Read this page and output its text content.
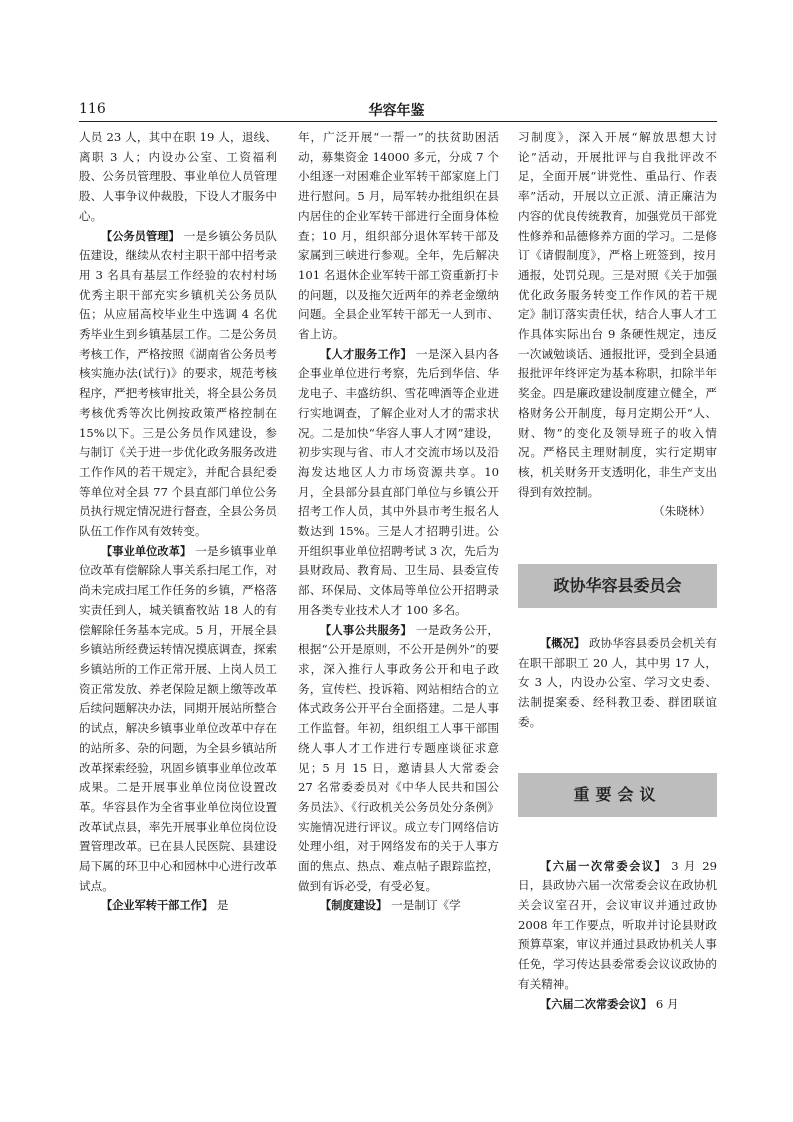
116	华容年鉴

人员 23 人，其中在职 19 人，退线、离职 3 人；内设办公室、工资福利股、公务员管理股、事业单位人员管理股、人事争议仲裁股，下设人才服务中心。

【公务员管理】 一是乡镇公务员队伍建设，继续从农村主职干部中招考录用 3 名具有基层工作经验的农村村场优秀主职干部充实乡镇机关公务员队伍；从应届高校毕业生中选调 4 名优秀毕业生到乡镇基层工作。二是公务员考核工作，严格按照《湖南省公务员考核实施办法(试行)》的要求，规范考核程序，严把考核审批关，将全县公务员考核优秀等次比例按政策严格控制在 15%以下。三是公务员作风建设，参与制订《关于进一步优化政务服务改进工作作风的若干规定》，并配合县纪委等单位对全县 77 个县直部门单位公务员执行规定情况进行督查，全县公务员队伍工作作风有效转变。

【事业单位改革】 一是乡镇事业单位改革有偿解除人事关系扫尾工作，对尚未完成扫尾工作任务的乡镇，严格落实责任到人，城关镇畜牧站 18 人的有偿解除任务基本完成。5 月，开展全县乡镇站所经费运转情况摸底调查，探索乡镇站所的工作正常开展、上岗人员工资正常发放、养老保险足额上缴等改革后续问题解决办法，同期开展站所整合的试点，解决乡镇事业单位改革中存在的站所多、杂的问题，为全县乡镇站所改革探索经验，巩固乡镇事业单位改革成果。二是开展事业单位岗位设置改革。华容县作为全省事业单位岗位设置改革试点县，率先开展事业单位岗位设置管理改革。已在县人民医院、县建设局下属的环卫中心和园林中心进行改革试点。

【企业军转干部工作】 是

年，广泛开展“一帮一”的扶贫助困活动，募集资金 14000 多元，分成 7 个小组逐一对困难企业军转干部家庭上门进行慰问。5 月，局军转办批组织在县内居住的企业军转干部进行全面身体检查；10 月，组织部分退休军转干部及家属到三峡进行参观。全年，先后解决 101 名退休企业军转干部工资重新打卡的问题，以及拖欠近两年的养老金缴纳问题。全县企业军转干部无一人到市、省上访。

【人才服务工作】 一是深入县内各企事业单位进行考察，先后到华信、华龙电子、丰盛纺织、雪花啤酒等企业进行实地调查，了解企业对人才的需求状况。二是加快“华容人事人才网”建设，初步实现与省、市人才交流市场以及沿海发达地区人力市场资源共享。10 月，全县部分县直部门单位与乡镇公开招考工作人员，其中外县市考生报名人数达到 15%。三是人才招聘引进。公开组织事业单位招聘考试 3 次，先后为县财政局、教育局、卫生局、县委宣传部、环保局、文体局等单位公开招聘录用各类专业技术人才 100 多名。

【人事公共服务】 一是政务公开，根据“公开是原则，不公开是例外”的要求，深入推行人事政务公开和电子政务，宣传栏、投诉箱、网站相结合的立体式政务公开平台全面搭建。二是人事工作监督。年初，组织组工人事干部围绕人事人才工作进行专题座谈征求意见；5 月 15 日，邀请县人大常委会 27 名常委委员对《中华人民共和国公务员法》、《行政机关公务员处分条例》实施情况进行评议。成立专门网络信访处理小组，对于网络发布的关于人事方面的焦点、热点、难点帖子跟踪监控，做到有诉必受，有受必复。

【制度建设】 一是制订《学

习制度》，深入开展“解放思想大讨论”活动，开展批评与自我批评改不足，全面开展“讲党性、重品行、作表率”活动，开展以立正派、清正廉洁为内容的优良传统教育，加强党员干部党性修养和品德修养方面的学习。二是修订《请假制度》，严格上班签到，按月通报，处罚兑现。三是对照《关于加强优化政务服务转变工作作风的若干规定》制订落实责任状，结合人事人才工作具体实际出台 9 条硬性规定，违反一次诫勉谈话、通报批评，受到全县通报批评年终评定为基本称职，扣除半年奖金。四是廉政建设制度建立健全，严格财务公开制度，每月定期公开“人、财、物”的变化及领导班子的收入情况。严格民主理财制度，实行定期审核，机关财务开支透明化，非生产支出得到有效控制。

（朱晓林）

政协华容县委员会

【概况】 政协华容县委员会机关有在职干部职工 20 人，其中男 17 人，女 3 人，内设办公室、学习文史委、法制提案委、经科教卫委、群团联谊委。

重要会议

【六届一次常委会议】 3 月 29 日，县政协六届一次常委会议在政协机关会议室召开，会议审议并通过政协 2008 年工作要点，听取并讨论县财政预算草案，审议并通过县政协机关人事任免，学习传达县委常委会议议政协的有关精神。

【六届二次常委会议】 6 月
